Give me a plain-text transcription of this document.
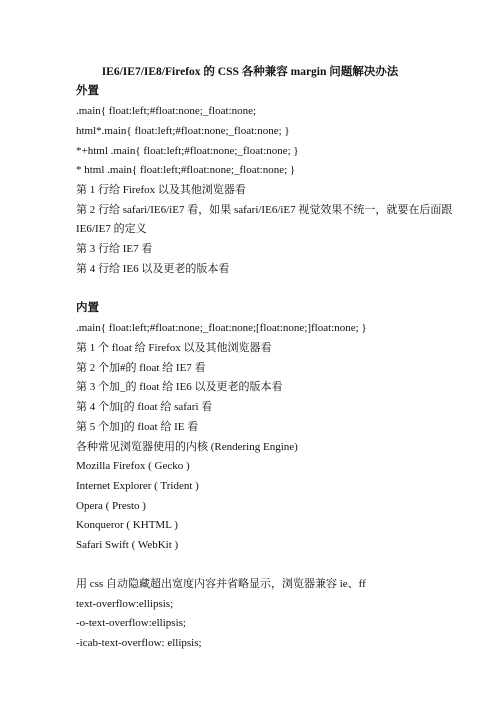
IE6/IE7/IE8/Firefox 的 CSS 各种兼容 margin 问题解决办法
外置
.main{ float:left;#float:none;_float:none;
html*.main{ float:left;#float:none;_float:none; }
*+html .main{ float:left;#float:none;_float:none; }
* html .main{ float:left;#float:none;_float:none; }
第 1 行给 Firefox 以及其他浏览器看
第 2 行给 safari/IE6/iE7 看，如果 safari/IE6/iE7 视觉效果不统一，就要在后面跟
IE6/IE7 的定义
第 3 行给 IE7 看
第 4 行给 IE6 以及更老的版本看
内置
.main{ float:left;#float:none;_float:none;[float:none;]float:none; }
第 1 个 float 给 Firefox 以及其他浏览器看
第 2 个加#的 float 给 IE7 看
第 3 个加_的 float 给 IE6 以及更老的版本看
第 4 个加[的 float 给 safari 看
第 5 个加]的 float 给 IE 看
各种常见浏览器使用的内核 (Rendering Engine)
Mozilla Firefox ( Gecko )
Internet Explorer ( Trident )
Opera ( Presto )
Konqueror ( KHTML )
Safari Swift ( WebKit )
用 css 自动隐藏超出宽度内容并省略显示，浏览器兼容 ie、ff
text-overflow:ellipsis;
-o-text-overflow:ellipsis;
-icab-text-overflow: ellipsis;
